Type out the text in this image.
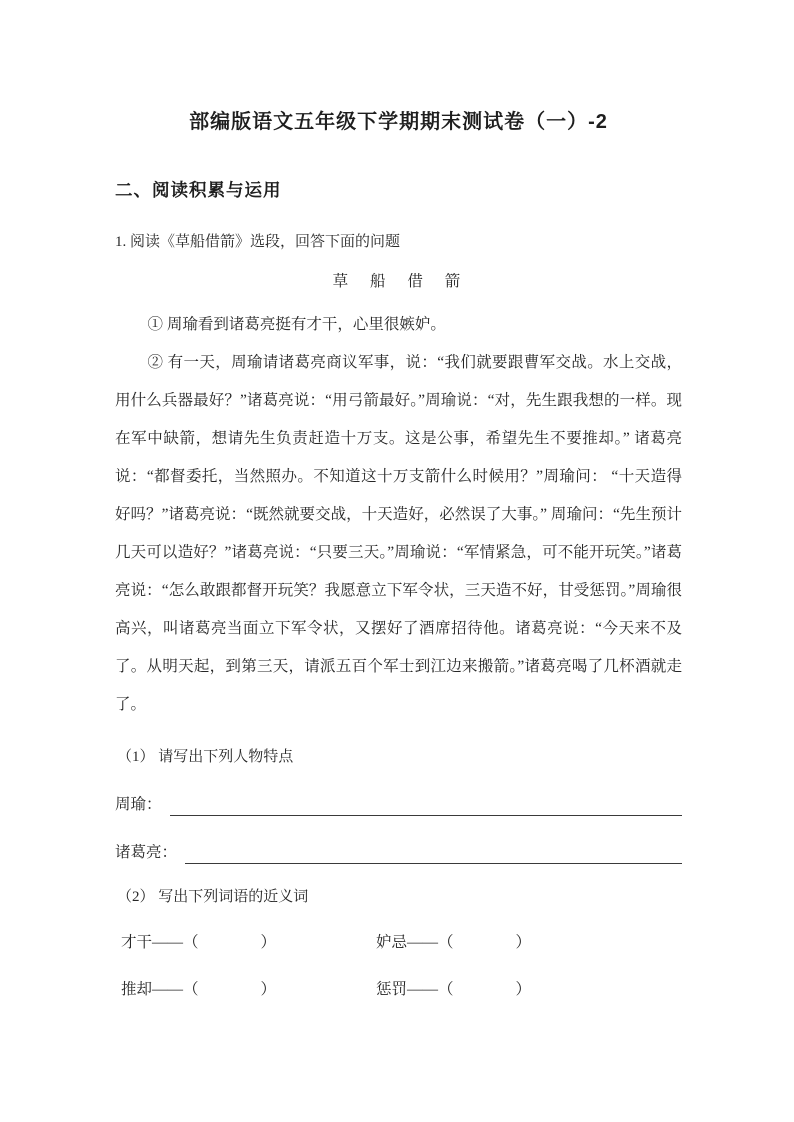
部编版语文五年级下学期期末测试卷（一）-2
二、阅读积累与运用

1. 阅读《草船借箭》选段，回答下面的问题

草 船 借 箭

① 周瑜看到诸葛亮挺有才干，心里很嫉妒。

② 有一天，周瑜请诸葛亮商议军事，说：“我们就要跟曹军交战。水上交战，用什么兵器最好？”诸葛亮说：“用弓箭最好。”周瑜说：“对，先生跟我想的一样。现在军中缺箭，想请先生负责赶造十万支。这是公事，希望先生不要推却。” 诸葛亮说：“都督委托，当然照办。不知道这十万支箭什么时候用？”周瑜问： “十天造得好吗？”诸葛亮说：“既然就要交战，十天造好，必然误了大事。” 周瑜问：“先生预计几天可以造好？”诸葛亮说：“只要三天。”周瑜说：“军情紧急，可不能开玩笑。”诸葛亮说：“怎么敢跟都督开玩笑？我愿意立下军令状，三天造不好，甘受惩罚。”周瑜很高兴，叫诸葛亮当面立下军令状，又摆好了酒席招待他。诸葛亮说：“今天来不及了。从明天起，到第三天，请派五百个军士到江边来搬箭。”诸葛亮喝了几杯酒就走了。

（1） 请写出下列人物特点

周瑜：
诸葛亮：

（2） 写出下列词语的近义词

才干——（	）	妒忌——（	）
推却——（	）	惩罚——（	）
